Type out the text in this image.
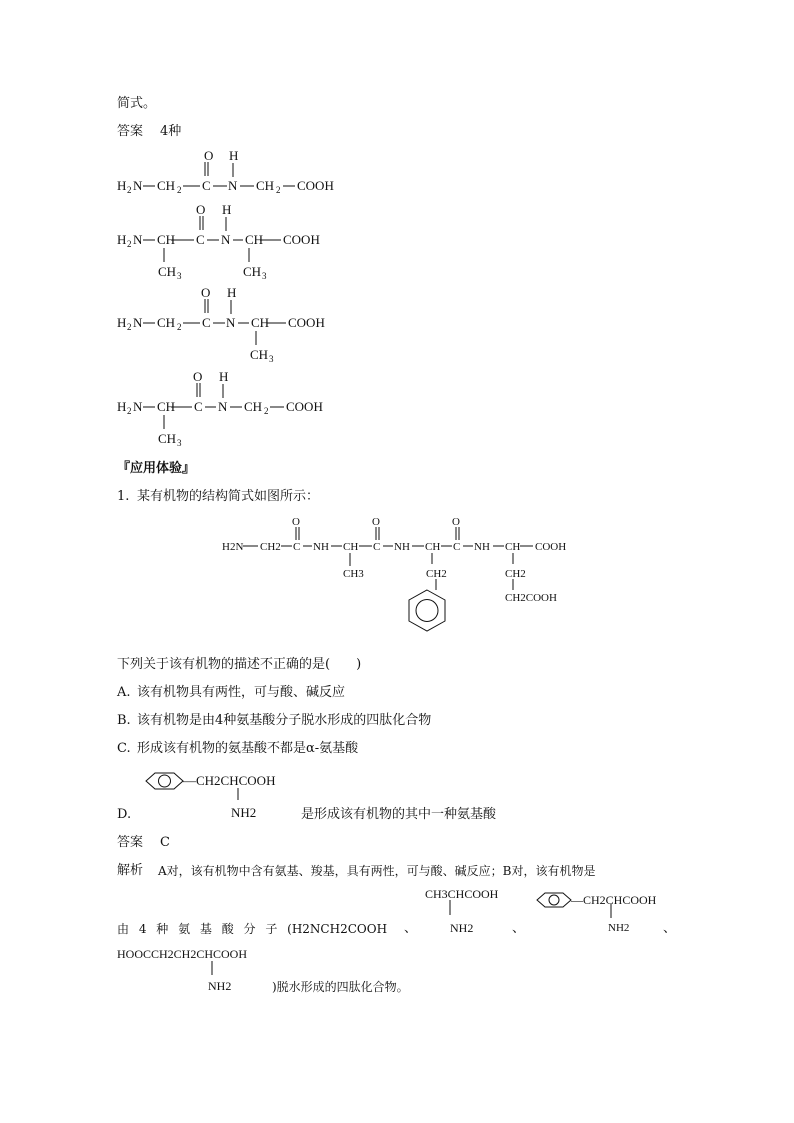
简式。
答案 4种
O H
H 2 N CH 2 C N CH 2 COOH
O H
H 2 N CH C N CH COOH
CH 3	CH 3
O H
H 2 N CH 2 C N CH COOH
CH 3
O H
H 2 N CH C N CH 2 COOH
CH 3
『应用体验』
1. 某有机物的结构简式如图所示：
O	O	O
H2N CH2 C NH CH C NH CH C NH CH COOH
CH3	CH2	CH2
CH2COOH
下列关于该有机物的描述不正确的是(　　)
A. 该有机物具有两性，可与酸、碱反应
B. 该有机物是由4种氨基酸分子脱水形成的四肽化合物
C. 形成该有机物的氨基酸不都是α-氨基酸
—CH2CHCOOH
NH2
D.	是形成该有机物的其中一种氨基酸
答案 C
解析 A对，该有机物中含有氨基、羧基，具有两性，可与酸、碱反应；B对，该有机物是
CH3CHCOOH
NH2
—CH2CHCOOH
NH2
HOOCCH2CH2CHCOOH
NH2
由 4 种 氨 基 酸 分 子 (H2NCH2COOH 、	、	、
)脱水形成的四肽化合物。
